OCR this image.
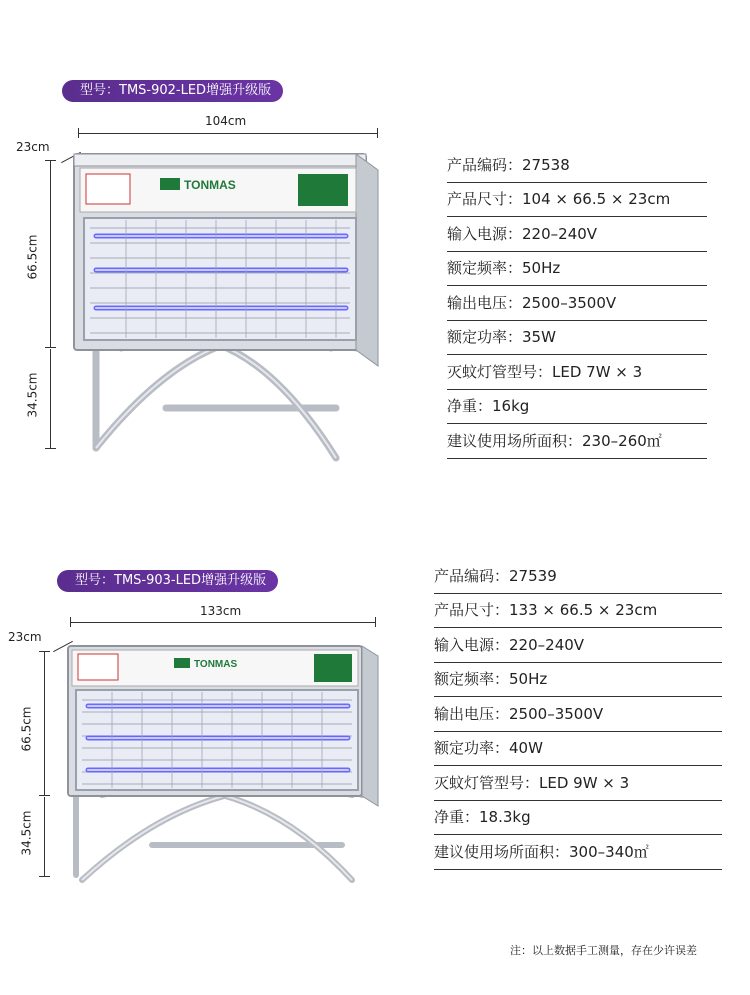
型号：TMS-902-LED增强升级版
104cm
23cm
66.5cm
34.5cm
TONMAS
产品编码：27538
产品尺寸：104 × 66.5 × 23cm
输入电源：220–240V
额定频率：50Hz
输出电压：2500–3500V
额定功率：35W
灭蚊灯管型号：LED 7W × 3
净重：16kg
建议使用场所面积：230–260㎡
型号：TMS-903-LED增强升级版
133cm
23cm
66.5cm
34.5cm
TONMAS
产品编码：27539
产品尺寸：133 × 66.5 × 23cm
输入电源：220–240V
额定频率：50Hz
输出电压：2500–3500V
额定功率：40W
灭蚊灯管型号：LED 9W × 3
净重：18.3kg
建议使用场所面积：300–340㎡
注：以上数据手工测量，存在少许误差
